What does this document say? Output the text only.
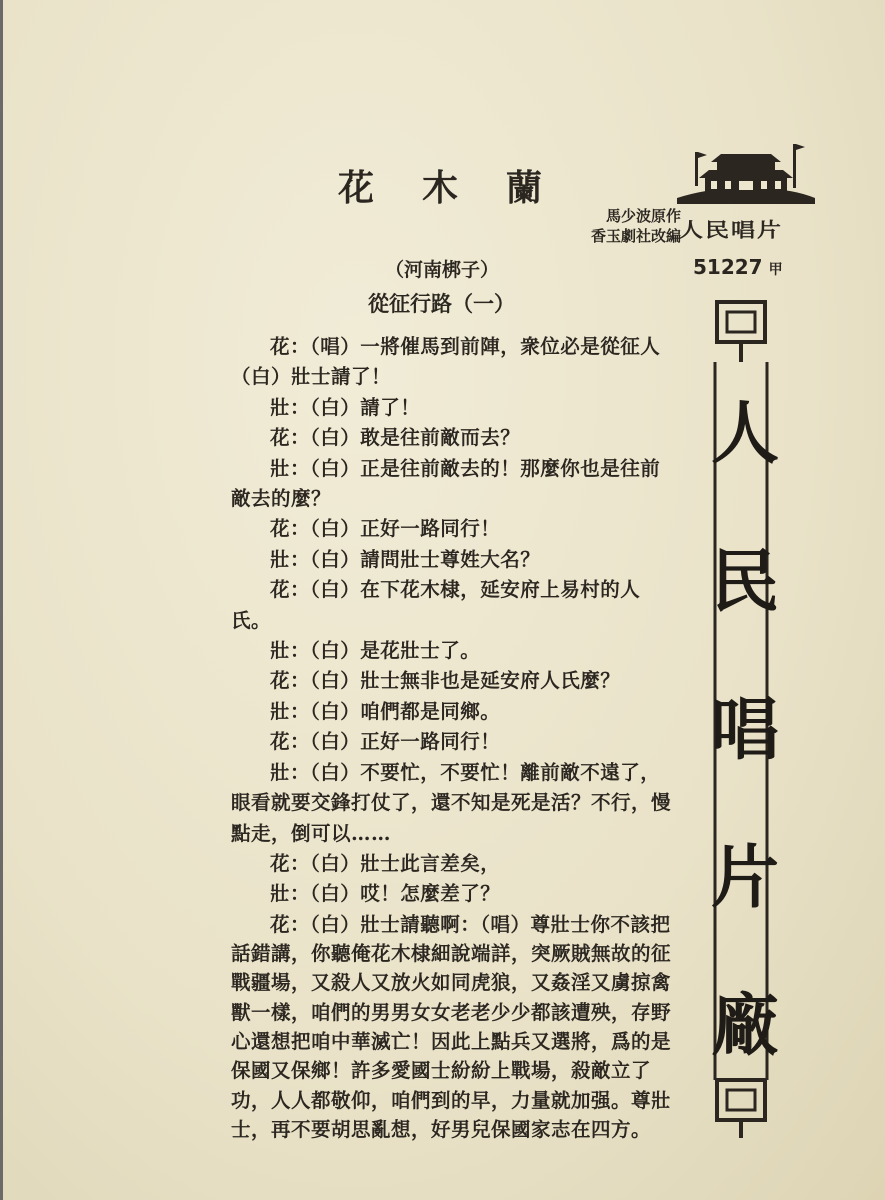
花木蘭
馬少波原作
香玉劇社改編
人民唱片
（河南梆子）	51227 甲
從征行路（一）

花：（唱）一將催馬到前陣，衆位必是從征人（白）壯士請了！

壯：（白）請了！

花：（白）敢是往前敵而去？

壯：（白）正是往前敵去的！那麼你也是往前敵去的麼？

花：（白）正好一路同行！

壯：（白）請問壯士尊姓大名？

花：（白）在下花木棣，延安府上易村的人氏。

壯：（白）是花壯士了。

花：（白）壯士無非也是延安府人氏麼？

壯：（白）咱們都是同鄉。

花：（白）正好一路同行！

壯：（白）不要忙，不要忙！離前敵不遠了，眼看就要交鋒打仗了，還不知是死是活？不行，慢點走，倒可以……

花：（白）壯士此言差矣，

壯：（白）哎！怎麼差了？

花：（白）壯士請聽啊：（唱）尊壯士你不該把話錯講，你聽俺花木棣細說端詳，突厥賊無故的征戰疆場，又殺人又放火如同虎狼，又姦淫又虜掠禽獸一樣，咱們的男男女女老老少少都該遭殃，存野心還想把咱中華滅亡！因此上點兵又選將，爲的是保國又保鄉！許多愛國士紛紛上戰場，殺敵立了功，人人都敬仰，咱們到的早，力量就加强。尊壯士，再不要胡思亂想，好男兒保國家志在四方。

人
民
唱
片
廠
